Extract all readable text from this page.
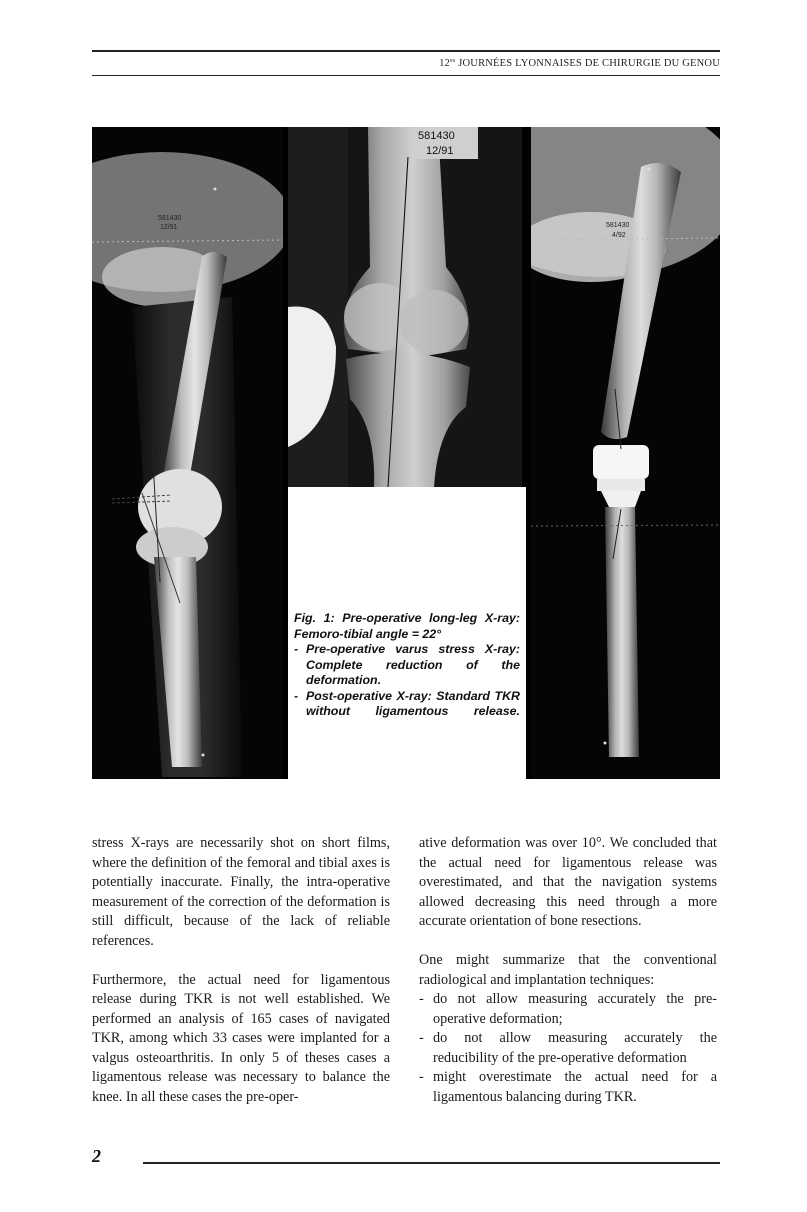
$12^{es}$ JOURNÉES LYONNAISES DE CHIRURGIE DU GENOU
581430
12/91
581430
12/91
581430
4/92

Fig. 1: Pre-operative long-leg X-ray: Femoro-tibial angle = 22°

- Pre-operative varus stress X-ray: Complete reduction of the deformation.
- Post-operative X-ray: Standard TKR without ligamentous release.

stress X-rays are necessarily shot on short films, where the definition of the femoral and tibial axes is potentially inaccurate. Finally, the intra-operative measurement of the correction of the deformation is still difficult, because of the lack of reliable references.

Furthermore, the actual need for ligamentous release during TKR is not well established. We performed an analysis of 165 cases of navigated TKR, among which 33 cases were implanted for a valgus osteoarthritis. In only 5 of theses cases a ligamentous release was necessary to balance the knee. In all these cases the pre-oper-

ative deformation was over 10°. We concluded that the actual need for ligamentous release was overestimated, and that the navigation systems allowed decreasing this need through a more accurate orientation of bone resections.

One might summarize that the conventional radiological and implantation techniques:

- do not allow measuring accurately the pre-operative deformation;
- do not allow measuring accurately the reducibility of the pre-operative deformation
- might overestimate the actual need for a ligamentous balancing during TKR.
2
